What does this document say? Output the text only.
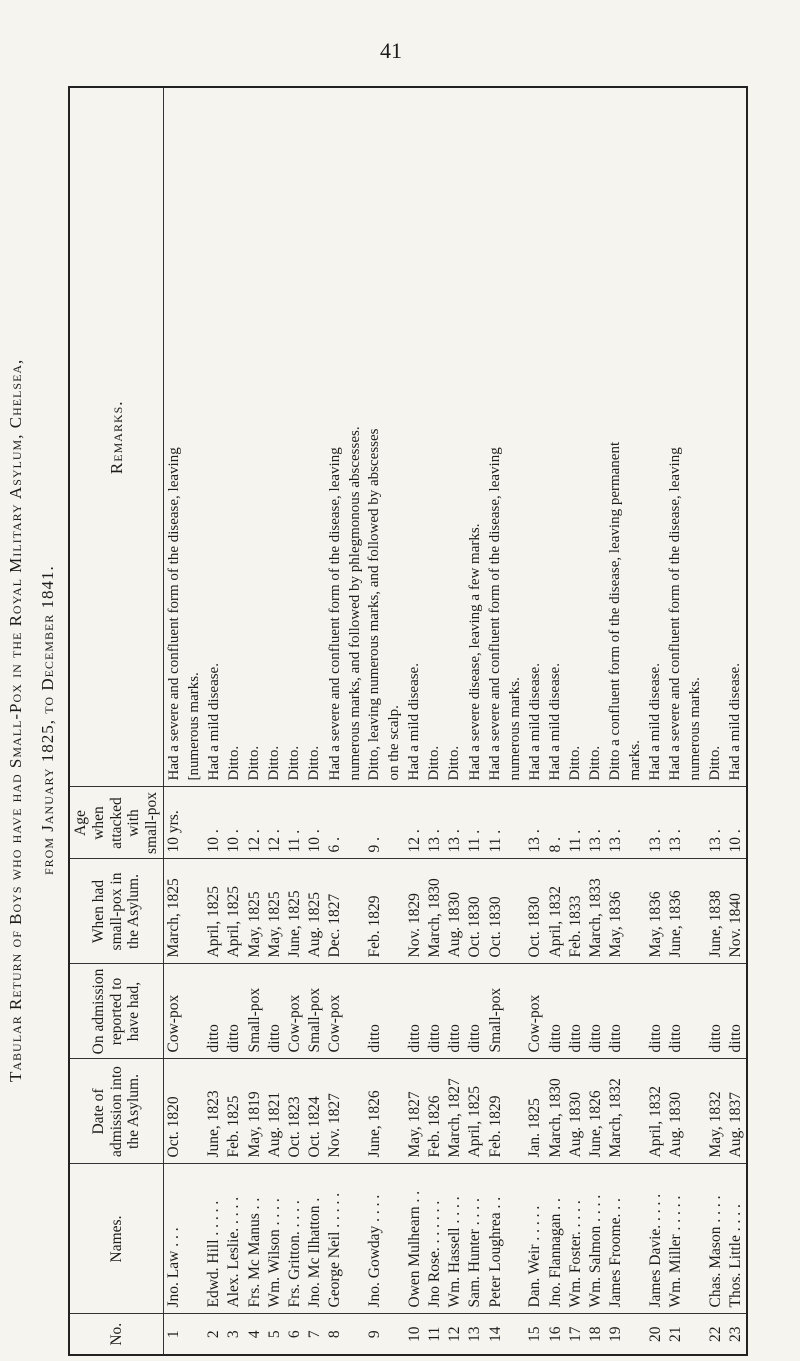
41
Tabular Return of Boys who have had Small-Pox in the Royal Military Asylum, Chelsea, from January 1825, to December 1841.
No.	Names.	Date of admission into the Asylum.	On admission reported to have had,	When had small-pox in the Asylum.	Age when attacked with small-pox	Remarks.
1	Jno. Law . . .	Oct. 1820	Cow-pox	March, 1825	10 yrs.	Had a severe and confluent form of the disease, leaving
						[numerous marks.
2	Edwd. Hill . . . . .	June, 1823	ditto	April, 1825	10 .	Had a mild disease.
3	Alex. Leslie. . . . .	Feb. 1825	ditto	April, 1825	10 .	Ditto.
4	Frs. Mc Manus . .	May, 1819	Small-pox	May, 1825	12 .	Ditto.
5	Wm. Wilson . . . .	Aug. 1821	ditto	May, 1825	12 .	Ditto.
6	Frs. Gritton. . . . .	Oct. 1823	Cow-pox	June, 1825	11 .	Ditto.
7	Jno. Mc Ilhatton .	Oct. 1824	Small-pox	Aug. 1825	10 .	Ditto.
8	George Neil . . . . .	Nov. 1827	Cow-pox	Dec. 1827	6 .	Had a severe and confluent form of the disease, leaving
						numerous marks, and followed by phlegmonous abscesses.
9	Jno. Gowday . . . .	June, 1826	ditto	Feb. 1829	9 .	Ditto, leaving numerous marks, and followed by abscesses
						on the scalp.
10	Owen Mulhearn . .	May, 1827	ditto	Nov. 1829	12 .	Had a mild disease.
11	Jno Rose. . . . . . .	Feb. 1826	ditto	March, 1830	13 .	Ditto.
12	Wm. Hassell . . . .	March, 1827	ditto	Aug. 1830	13 .	Ditto.
13	Sam. Hunter . . . .	April, 1825	ditto	Oct. 1830	11 .	Had a severe disease, leaving a few marks.
14	Peter Loughrea . .	Feb. 1829	Small-pox	Oct. 1830	11 .	Had a severe and confluent form of the disease, leaving
						numerous marks.
15	Dan. Weir . . . . .	Jan. 1825	Cow-pox	Oct. 1830	13 .	Had a mild disease.
16	Jno. Flannagan . .	March, 1830	ditto	April, 1832	8 .	Had a mild disease.
17	Wm. Foster. . . . .	Aug. 1830	ditto	Feb. 1833	11 .	Ditto.
18	Wm. Salmon . . . .	June, 1826	ditto	March, 1833	13 .	Ditto.
19	James Froome. . .	March, 1832	ditto	May, 1836	13 .	Ditto a confluent form of the disease, leaving permanent
						marks.
20	James Davie. . . . .	April, 1832	ditto	May, 1836	13 .	Had a mild disease.
21	Wm. Miller . . . . .	Aug. 1830	ditto	June, 1836	13 .	Had a severe and confluent form of the disease, leaving
						numerous marks.
22	Chas. Mason . . . .	May, 1832	ditto	June, 1838	13 .	Ditto.
23	Thos. Little . . . .	Aug. 1837	ditto	Nov. 1840	10 .	Had a mild disease.
